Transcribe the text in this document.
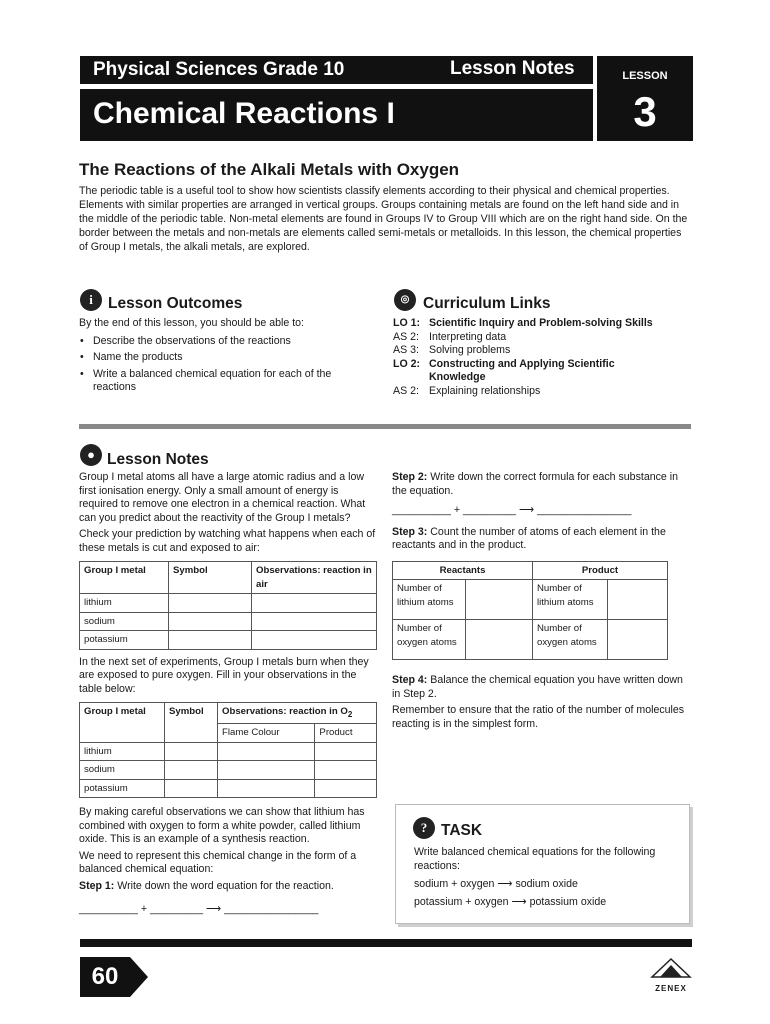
Physical Sciences Grade 10	Lesson Notes
Chemical Reactions I
LESSON
3
The Reactions of the Alkali Metals with Oxygen
The periodic table is a useful tool to show how scientists classify elements according to their physical and chemical properties. Elements with similar properties are arranged in vertical groups. Groups containing metals are found on the left hand side and in the middle of the periodic table. Non-metal elements are found in Groups IV to Group VIII which are on the right hand side. On the border between the metals and non-metals are elements called semi-metals or metalloids. In this lesson, the chemical properties of Group I metals, the alkali metals, are explored.
i Lesson Outcomes
By the end of this lesson, you should be able to:
• Describe the observations of the reactions
• Name the products
• Write a balanced chemical equation for each of the reactions
◎ Curriculum Links
LO 1: Scientific Inquiry and Problem-solving Skills
AS 2: Interpreting data
AS 3: Solving problems
LO 2: Constructing and Applying Scientific Knowledge
AS 2: Explaining relationships
● Lesson Notes
Group I metal atoms all have a large atomic radius and a low first ionisation energy. Only a small amount of energy is required to remove one electron in a chemical reaction. What can you predict about the reactivity of the Group I metals?
Check your prediction by watching what happens when each of these metals is cut and exposed to air:
Group I metal	Symbol	Observations: reaction in air
lithium		
sodium		
potassium		
In the next set of experiments, Group I metals burn when they are exposed to pure oxygen. Fill in your observations in the table below:
Group I metal	Symbol	Observations: reaction in $O_2$
		Flame Colour	Product
lithium			
sodium			
potassium			
By making careful observations we can show that lithium has combined with oxygen to form a white powder, called lithium oxide. This is an example of a synthesis reaction.
We need to represent this chemical change in the form of a balanced chemical equation:
Step 1: Write down the word equation for the reaction.
__________ + _________ ⟶ ________________
Step 2: Write down the correct formula for each substance in the equation.
__________ + _________ ⟶ ________________
Step 3: Count the number of atoms of each element in the reactants and in the product.
Reactants		Product	
Number of lithium atoms		Number of lithium atoms	
Number of oxygen atoms		Number of oxygen atoms	
Step 4: Balance the chemical equation you have written down in Step 2.
Remember to ensure that the ratio of the number of molecules reacting is in the simplest form.
? TASK
Write balanced chemical equations for the following reactions:
sodium + oxygen ⟶ sodium oxide
potassium + oxygen ⟶ potassium oxide
60	ZENEX
